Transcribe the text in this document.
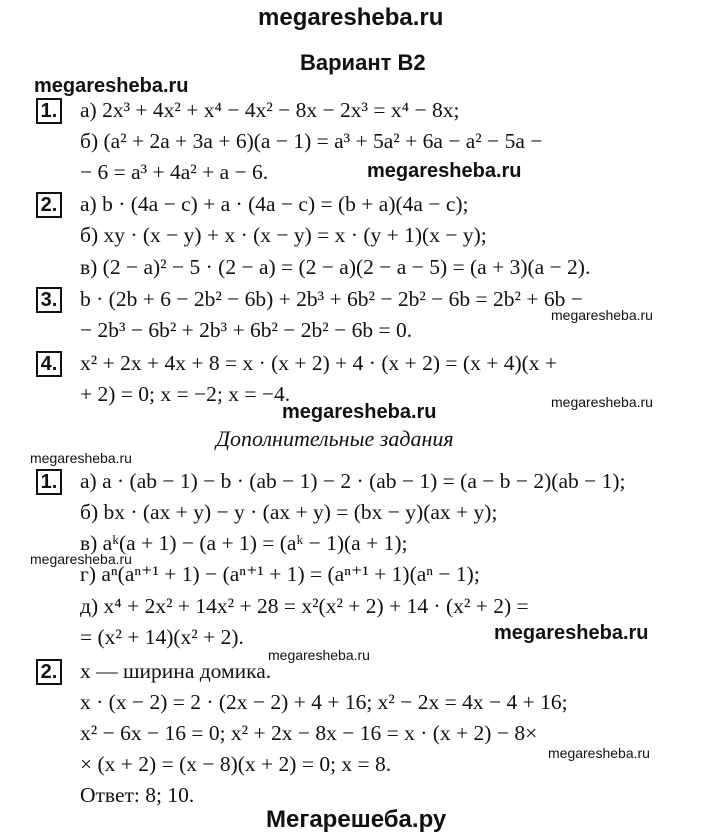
megaresheba.ru
Вариант В2
megaresheba.ru
megaresheba.ru
megaresheba.ru
megaresheba.ru	megaresheba.ru
megaresheba.ru
megaresheba.ru
megaresheba.ru
megaresheba.ru
megaresheba.ru
1. а) 2x³ + 4x² + x⁴ − 4x² − 8x − 2x³ = x⁴ − 8x;
б) (a² + 2a + 3a + 6)(a − 1) = a³ + 5a² + 6a − a² − 5a −
− 6 = a³ + 4a² + a − 6.
2. а) b · (4a − c) + a · (4a − c) = (b + a)(4a − c);
б) xy · (x − y) + x · (x − y) = x · (y + 1)(x − y);
в) (2 − a)² − 5 · (2 − a) = (2 − a)(2 − a − 5) = (a + 3)(a − 2).
3. b · (2b + 6 − 2b² − 6b) + 2b³ + 6b² − 2b² − 6b = 2b² + 6b −
− 2b³ − 6b² + 2b³ + 6b² − 2b² − 6b = 0.
4. x² + 2x + 4x + 8 = x · (x + 2) + 4 · (x + 2) = (x + 4)(x +
+ 2) = 0; x = −2; x = −4.
Дополнительные задания
1. а) a · (ab − 1) − b · (ab − 1) − 2 · (ab − 1) = (a − b − 2)(ab − 1);
б) bx · (ax + y) − y · (ax + y) = (bx − y)(ax + y);
в) aᵏ(a + 1) − (a + 1) = (aᵏ − 1)(a + 1);
г) aⁿ(aⁿ⁺¹ + 1) − (aⁿ⁺¹ + 1) = (aⁿ⁺¹ + 1)(aⁿ − 1);
д) x⁴ + 2x² + 14x² + 28 = x²(x² + 2) + 14 · (x² + 2) =
= (x² + 14)(x² + 2).
2. x — ширина домика.
x · (x − 2) = 2 · (2x − 2) + 4 + 16; x² − 2x = 4x − 4 + 16;
x² − 6x − 16 = 0; x² + 2x − 8x − 16 = x · (x + 2) − 8×
× (x + 2) = (x − 8)(x + 2) = 0; x = 8.
Ответ: 8; 10.
Мегарешеба.ру
